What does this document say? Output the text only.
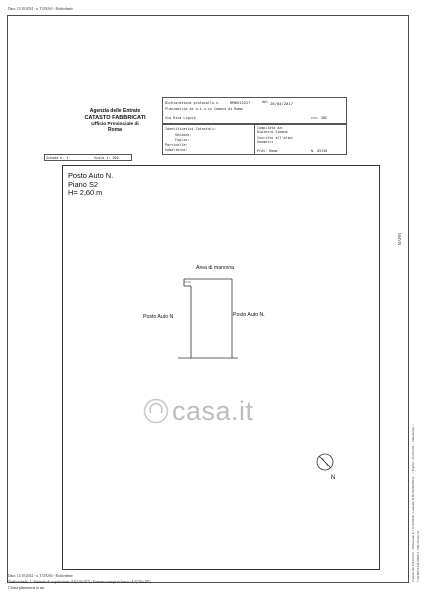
Data: 13/10/2024 - n. T319263 - Richiedente
Agenzia delle Entrate
CATASTO FABBRICATI
Ufficio Provinciale di
Roma
Dichiarazione protocollo n.	RM0513227	del 28/04/2017
Planimetria di u.i.u.in Comune di Roma
Via Riva Ligure	civ. SNC
Identificativi Catastali:
Sezione:
Foglio:
Particella:
Subalterno:
Compilata da:
Dipietro Simone
Iscritto all'albo:
Geometri
Prov. Roma	N. 05136
Scheda n. 1	Scala 1: 200
Posto Auto N.
Piano S2
H= 2,60 m
Area di manovra
Posto Auto N.	Posto Auto N.
N
casa.it
MAPPA
Catasto dei Fabbricati - Situazione al 13/10/2024 - Comune di ROMA(H501) - < Foglio: - Particella: - Subalterno: > VIA RIVA LIGURE n. SNC Piano S2
Data: 13/10/2024 - n. T319263 - Richiedente
Totale schede: 1 - Formato di acquisizione: A4(210x297) - Formato stampa richiesto: A4(210x297)
Ultima planimetria in atti
